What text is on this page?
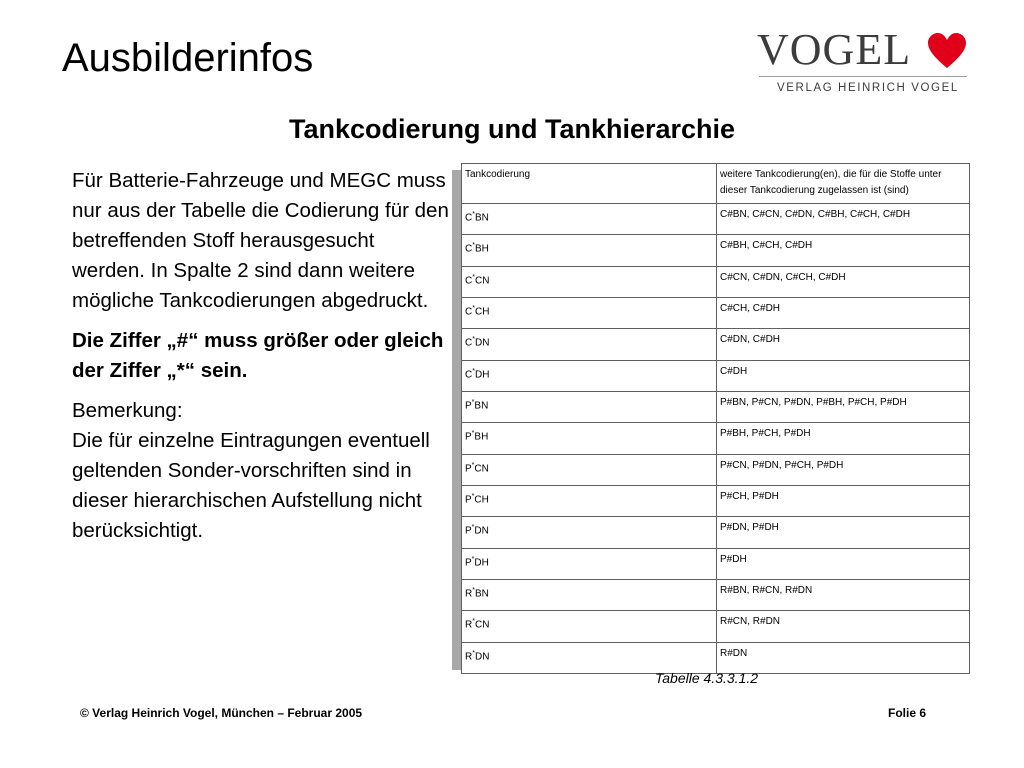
Ausbilderinfos	VOGEL
VERLAG HEINRICH VOGEL
Tankcodierung und Tankhierarchie

Für Batterie-Fahrzeuge und MEGC muss nur aus der Tabelle die Codierung für den betreffenden Stoff herausgesucht werden. In Spalte 2 sind dann weitere mögliche Tankcodierungen abgedruckt.

Die Ziffer „#“ muss größer oder gleich der Ziffer „*“ sein.

Bemerkung:
Die für einzelne Eintragungen eventuell geltenden Sonder-vorschriften sind in dieser hierarchischen Aufstellung nicht berücksichtigt.

Tankcodierung	weitere Tankcodierung(en), die für die Stoffe unter dieser Tankcodierung zugelassen ist (sind)
C*BN	C#BN, C#CN, C#DN, C#BH, C#CH, C#DH
C*BH	C#BH, C#CH, C#DH
C*CN	C#CN, C#DN, C#CH, C#DH
C*CH	C#CH, C#DH
C*DN	C#DN, C#DH
C*DH	C#DH
P*BN	P#BN, P#CN, P#DN, P#BH, P#CH, P#DH
P*BH	P#BH, P#CH, P#DH
P*CN	P#CN, P#DN, P#CH, P#DH
P*CH	P#CH, P#DH
P*DN	P#DN, P#DH
P*DH	P#DH
R*BN	R#BN, R#CN, R#DN
R*CN	R#CN, R#DN
R*DN	R#DN
Tabelle 4.3.3.1.2
© Verlag Heinrich Vogel, München – Februar 2005	Folie 6
